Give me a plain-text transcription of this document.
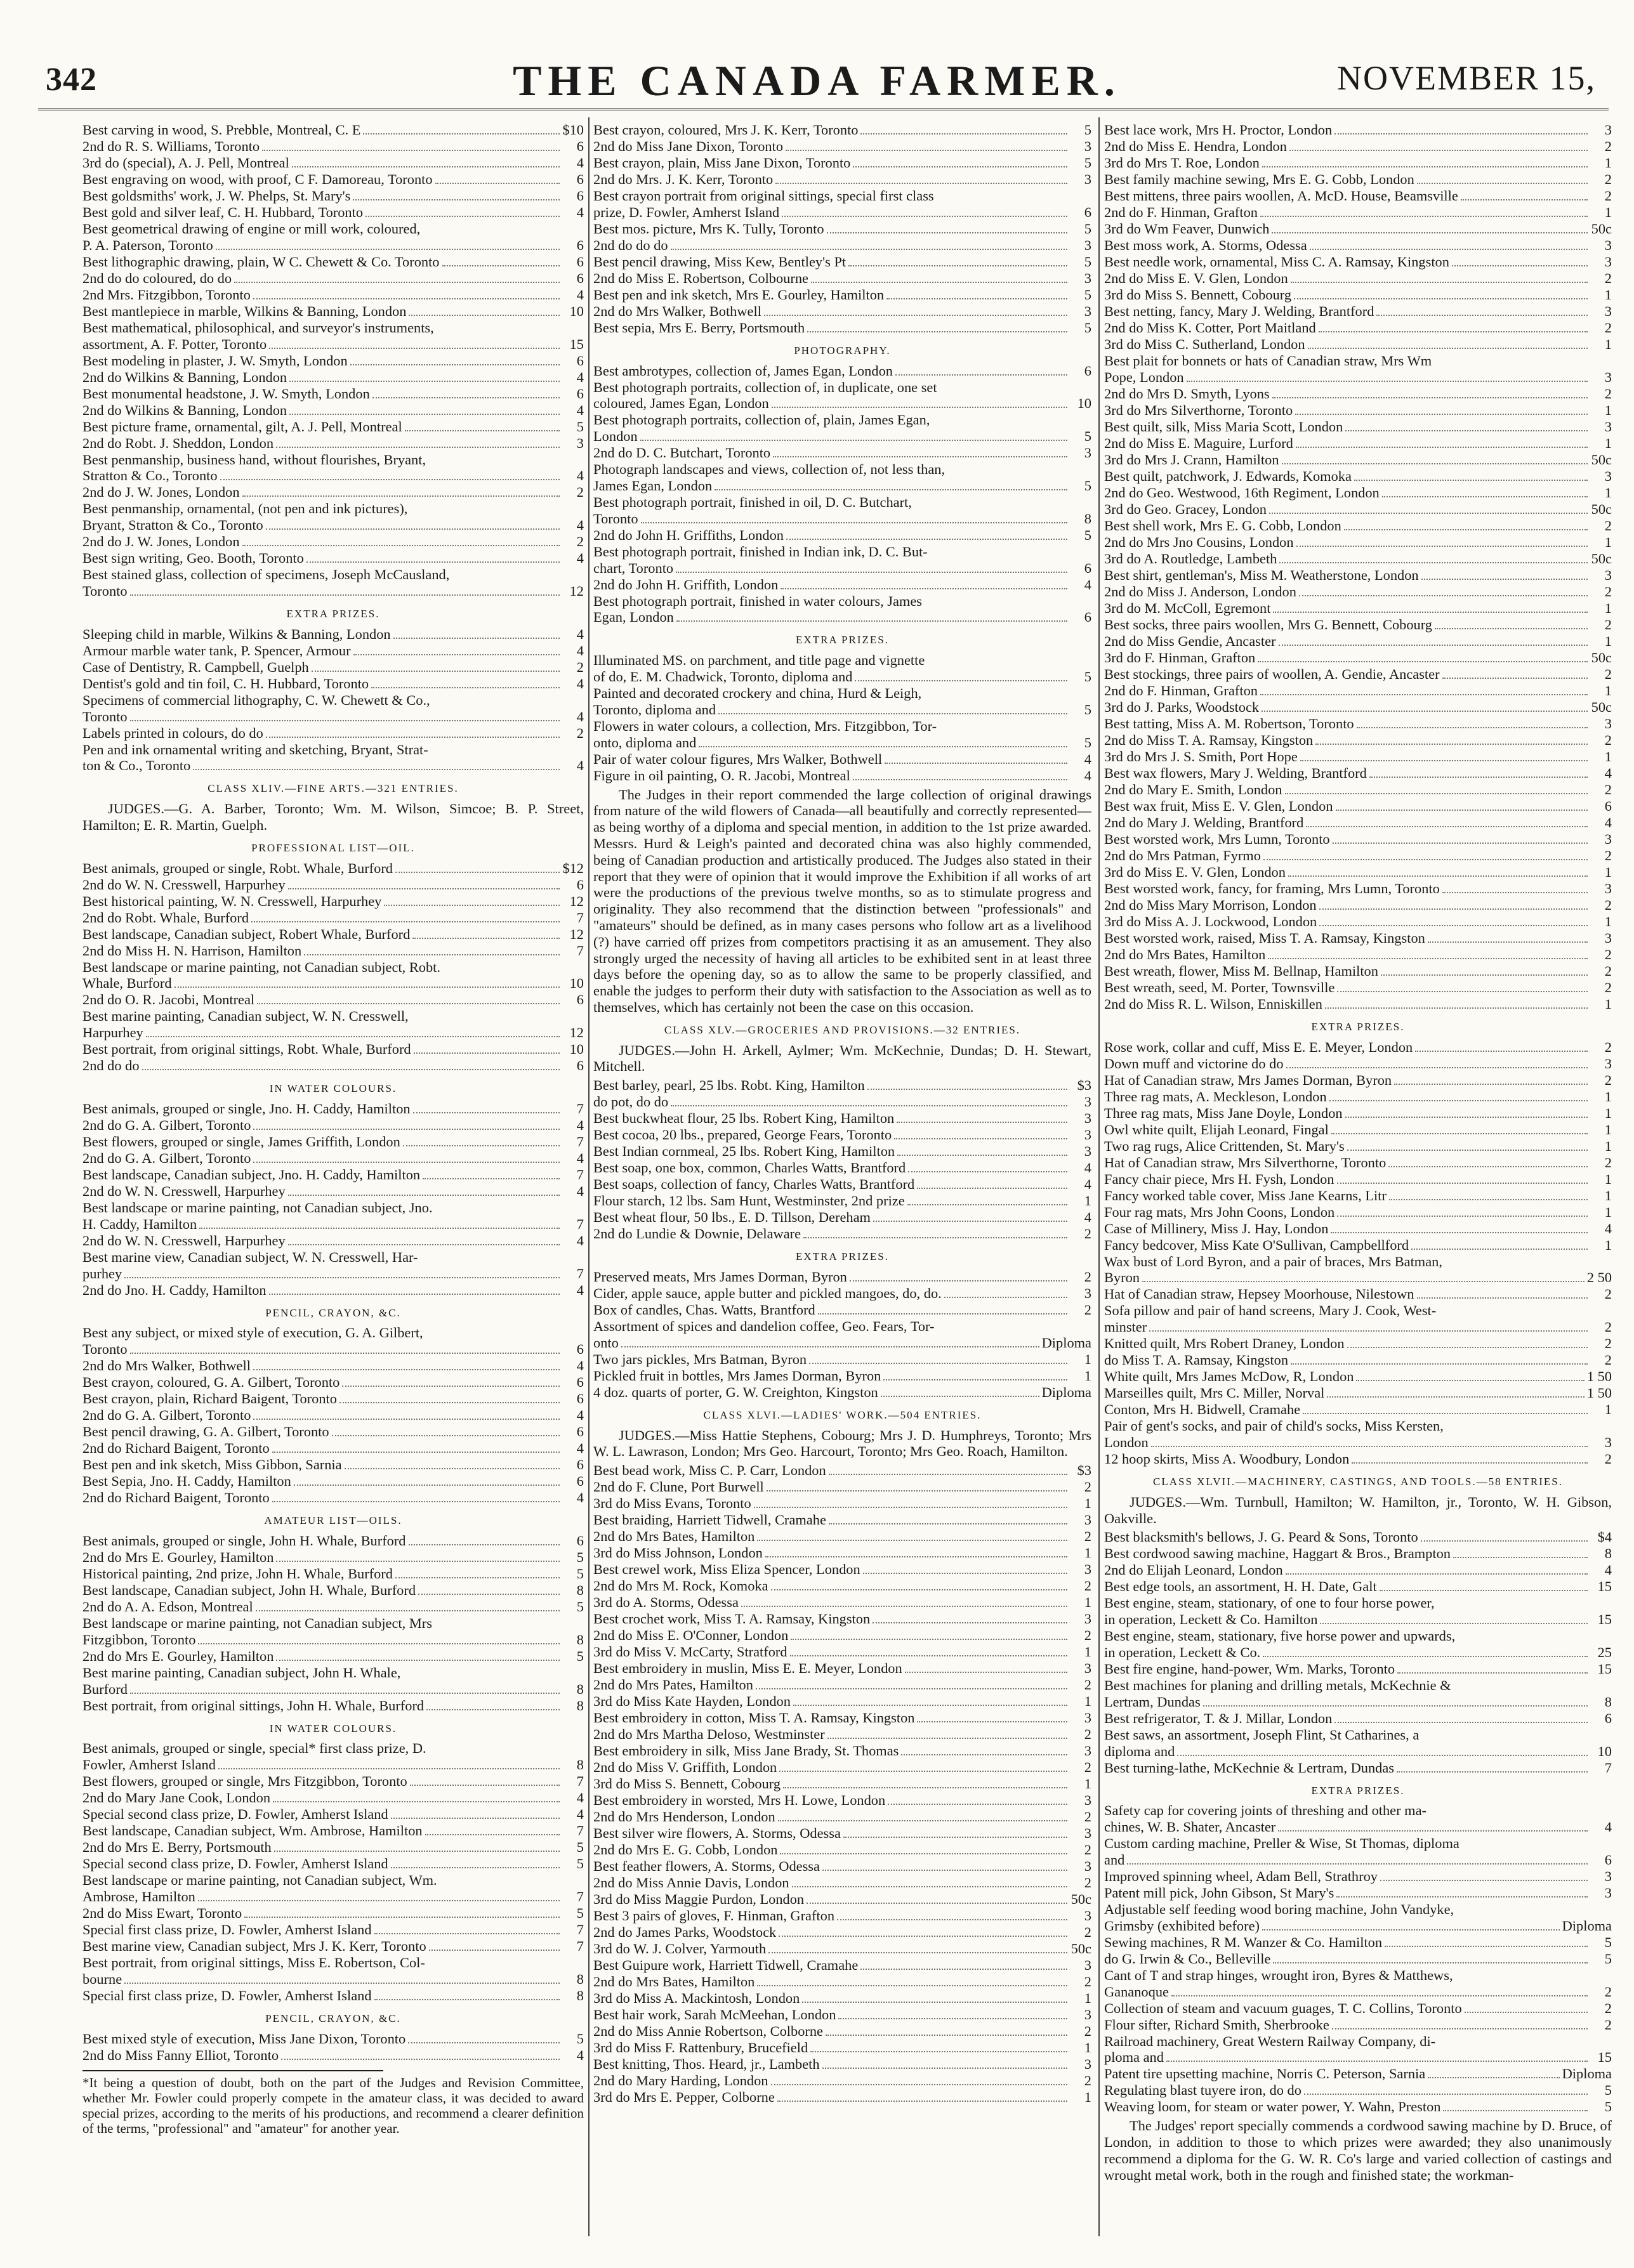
342	THE CANADA FARMER.	NOVEMBER 15,
Best carving in wood, S. Prebble, Montreal, C. E	$10
2nd do R. S. Williams, Toronto	6
3rd do (special), A. J. Pell, Montreal	4
Best engraving on wood, with proof, C F. Damoreau, Toronto	6
Best goldsmiths' work, J. W. Phelps, St. Mary's	6
Best gold and silver leaf, C. H. Hubbard, Toronto	4
Best geometrical drawing of engine or mill work, coloured,
P. A. Paterson, Toronto	6
Best lithographic drawing, plain, W C. Chewett & Co. Toronto	6
2nd do do coloured, do do	6
2nd Mrs. Fitzgibbon, Toronto	4
Best mantlepiece in marble, Wilkins & Banning, London	10
Best mathematical, philosophical, and surveyor's instruments,
assortment, A. F. Potter, Toronto	15
Best modeling in plaster, J. W. Smyth, London	6
2nd do Wilkins & Banning, London	4
Best monumental headstone, J. W. Smyth, London	6
2nd do Wilkins & Banning, London	4
Best picture frame, ornamental, gilt, A. J. Pell, Montreal	5
2nd do Robt. J. Sheddon, London	3
Best penmanship, business hand, without flourishes, Bryant,
Stratton & Co., Toronto	4
2nd do J. W. Jones, London	2
Best penmanship, ornamental, (not pen and ink pictures),
Bryant, Stratton & Co., Toronto	4
2nd do J. W. Jones, London	2
Best sign writing, Geo. Booth, Toronto	4
Best stained glass, collection of specimens, Joseph McCausland,
Toronto	12
EXTRA PRIZES.
Sleeping child in marble, Wilkins & Banning, London	4
Armour marble water tank, P. Spencer, Armour	4
Case of Dentistry, R. Campbell, Guelph	2
Dentist's gold and tin foil, C. H. Hubbard, Toronto	4
Specimens of commercial lithography, C. W. Chewett & Co.,
Toronto	4
Labels printed in colours, do do	2
Pen and ink ornamental writing and sketching, Bryant, Strat-
ton & Co., Toronto	4
CLASS XLIV.—FINE ARTS.—321 ENTRIES.
JUDGES.—G. A. Barber, Toronto; Wm. M. Wilson, Simcoe; B. P. Street, Hamilton; E. R. Martin, Guelph.
PROFESSIONAL LIST—OIL.
Best animals, grouped or single, Robt. Whale, Burford	$12
2nd do W. N. Cresswell, Harpurhey	6
Best historical painting, W. N. Cresswell, Harpurhey	12
2nd do Robt. Whale, Burford	7
Best landscape, Canadian subject, Robert Whale, Burford	12
2nd do Miss H. N. Harrison, Hamilton	7
Best landscape or marine painting, not Canadian subject, Robt.
Whale, Burford	10
2nd do O. R. Jacobi, Montreal	6
Best marine painting, Canadian subject, W. N. Cresswell,
Harpurhey	12
Best portrait, from original sittings, Robt. Whale, Burford	10
2nd do do	6
IN WATER COLOURS.
Best animals, grouped or single, Jno. H. Caddy, Hamilton	7
2nd do G. A. Gilbert, Toronto	4
Best flowers, grouped or single, James Griffith, London	7
2nd do G. A. Gilbert, Toronto	4
Best landscape, Canadian subject, Jno. H. Caddy, Hamilton	7
2nd do W. N. Cresswell, Harpurhey	4
Best landscape or marine painting, not Canadian subject, Jno.
H. Caddy, Hamilton	7
2nd do W. N. Cresswell, Harpurhey	4
Best marine view, Canadian subject, W. N. Cresswell, Har-
purhey	7
2nd do Jno. H. Caddy, Hamilton	4
PENCIL, CRAYON, &C.
Best any subject, or mixed style of execution, G. A. Gilbert,
Toronto	6
2nd do Mrs Walker, Bothwell	4
Best crayon, coloured, G. A. Gilbert, Toronto	6
Best crayon, plain, Richard Baigent, Toronto	6
2nd do G. A. Gilbert, Toronto	4
Best pencil drawing, G. A. Gilbert, Toronto	6
2nd do Richard Baigent, Toronto	4
Best pen and ink sketch, Miss Gibbon, Sarnia	6
Best Sepia, Jno. H. Caddy, Hamilton	6
2nd do Richard Baigent, Toronto	4
AMATEUR LIST—OILS.
Best animals, grouped or single, John H. Whale, Burford	6
2nd do Mrs E. Gourley, Hamilton	5
Historical painting, 2nd prize, John H. Whale, Burford	5
Best landscape, Canadian subject, John H. Whale, Burford	8
2nd do A. A. Edson, Montreal	5
Best landscape or marine painting, not Canadian subject, Mrs
Fitzgibbon, Toronto	8
2nd do Mrs E. Gourley, Hamilton	5
Best marine painting, Canadian subject, John H. Whale,
Burford	8
Best portrait, from original sittings, John H. Whale, Burford	8
IN WATER COLOURS.
Best animals, grouped or single, special* first class prize, D.
Fowler, Amherst Island	8
Best flowers, grouped or single, Mrs Fitzgibbon, Toronto	7
2nd do Mary Jane Cook, London	4
Special second class prize, D. Fowler, Amherst Island	4
Best landscape, Canadian subject, Wm. Ambrose, Hamilton	7
2nd do Mrs E. Berry, Portsmouth	5
Special second class prize, D. Fowler, Amherst Island	5
Best landscape or marine painting, not Canadian subject, Wm.
Ambrose, Hamilton	7
2nd do Miss Ewart, Toronto	5
Special first class prize, D. Fowler, Amherst Island	7
Best marine view, Canadian subject, Mrs J. K. Kerr, Toronto	7
Best portrait, from original sittings, Miss E. Robertson, Col-
bourne	8
Special first class prize, D. Fowler, Amherst Island	8
PENCIL, CRAYON, &C.
Best mixed style of execution, Miss Jane Dixon, Toronto	5
2nd do Miss Fanny Elliot, Toronto	4
*It being a question of doubt, both on the part of the Judges and Revision Committee, whether Mr. Fowler could properly compete in the amateur class, it was decided to award special prizes, according to the merits of his productions, and recommend a clearer definition of the terms, "professional" and "amateur" for another year.
Best crayon, coloured, Mrs J. K. Kerr, Toronto	5
2nd do Miss Jane Dixon, Toronto	3
Best crayon, plain, Miss Jane Dixon, Toronto	5
2nd do Mrs. J. K. Kerr, Toronto	3
Best crayon portrait from original sittings, special first class
prize, D. Fowler, Amherst Island	6
Best mos. picture, Mrs K. Tully, Toronto	5
2nd do do do	3
Best pencil drawing, Miss Kew, Bentley's Pt	5
2nd do Miss E. Robertson, Colbourne	3
Best pen and ink sketch, Mrs E. Gourley, Hamilton	5
2nd do Mrs Walker, Bothwell	3
Best sepia, Mrs E. Berry, Portsmouth	5
PHOTOGRAPHY.
Best ambrotypes, collection of, James Egan, London	6
Best photograph portraits, collection of, in duplicate, one set
coloured, James Egan, London	10
Best photograph portraits, collection of, plain, James Egan,
London	5
2nd do D. C. Butchart, Toronto	3
Photograph landscapes and views, collection of, not less than,
James Egan, London	5
Best photograph portrait, finished in oil, D. C. Butchart,
Toronto	8
2nd do John H. Griffiths, London	5
Best photograph portrait, finished in Indian ink, D. C. But-
chart, Toronto	6
2nd do John H. Griffith, London	4
Best photograph portrait, finished in water colours, James
Egan, London	6
EXTRA PRIZES.
Illuminated MS. on parchment, and title page and vignette
of do, E. M. Chadwick, Toronto, diploma and	5
Painted and decorated crockery and china, Hurd & Leigh,
Toronto, diploma and	5
Flowers in water colours, a collection, Mrs. Fitzgibbon, Tor-
onto, diploma and	5
Pair of water colour figures, Mrs Walker, Bothwell	4
Figure in oil painting, O. R. Jacobi, Montreal	4
The Judges in their report commended the large collection of original drawings from nature of the wild flowers of Canada—all beautifully and correctly represented—as being worthy of a diploma and special mention, in addition to the 1st prize awarded. Messrs. Hurd & Leigh's painted and decorated china was also highly commended, being of Canadian production and artistically produced. The Judges also stated in their report that they were of opinion that it would improve the Exhibition if all works of art were the productions of the previous twelve months, so as to stimulate progress and originality. They also recommend that the distinction between "professionals" and "amateurs" should be defined, as in many cases persons who follow art as a livelihood (?) have carried off prizes from competitors practising it as an amusement. They also strongly urged the necessity of having all articles to be exhibited sent in at least three days before the opening day, so as to allow the same to be properly classified, and enable the judges to perform their duty with satisfaction to the Association as well as to themselves, which has certainly not been the case on this occasion.
CLASS XLV.—GROCERIES AND PROVISIONS.—32 ENTRIES.
JUDGES.—John H. Arkell, Aylmer; Wm. McKechnie, Dundas; D. H. Stewart, Mitchell.
Best barley, pearl, 25 lbs. Robt. King, Hamilton	$3
do pot, do do	3
Best buckwheat flour, 25 lbs. Robert King, Hamilton	3
Best cocoa, 20 lbs., prepared, George Fears, Toronto	3
Best Indian cornmeal, 25 lbs. Robert King, Hamilton	3
Best soap, one box, common, Charles Watts, Brantford	4
Best soaps, collection of fancy, Charles Watts, Brantford	4
Flour starch, 12 lbs. Sam Hunt, Westminster, 2nd prize	1
Best wheat flour, 50 lbs., E. D. Tillson, Dereham	4
2nd do Lundie & Downie, Delaware	2
EXTRA PRIZES.
Preserved meats, Mrs James Dorman, Byron	2
Cider, apple sauce, apple butter and pickled mangoes, do, do.	3
Box of candles, Chas. Watts, Brantford	2
Assortment of spices and dandelion coffee, Geo. Fears, Tor-
onto	Diploma
Two jars pickles, Mrs Batman, Byron	1
Pickled fruit in bottles, Mrs James Dorman, Byron	1
4 doz. quarts of porter, G. W. Creighton, Kingston	Diploma
CLASS XLVI.—LADIES' WORK.—504 ENTRIES.
JUDGES.—Miss Hattie Stephens, Cobourg; Mrs J. D. Humphreys, Toronto; Mrs W. L. Lawrason, London; Mrs Geo. Harcourt, Toronto; Mrs Geo. Roach, Hamilton.
Best bead work, Miss C. P. Carr, London	$3
2nd do F. Clune, Port Burwell	2
3rd do Miss Evans, Toronto	1
Best braiding, Harriett Tidwell, Cramahe	3
2nd do Mrs Bates, Hamilton	2
3rd do Miss Johnson, London	1
Best crewel work, Miss Eliza Spencer, London	3
2nd do Mrs M. Rock, Komoka	2
3rd do A. Storms, Odessa	1
Best crochet work, Miss T. A. Ramsay, Kingston	3
2nd do Miss E. O'Conner, London	2
3rd do Miss V. McCarty, Stratford	1
Best embroidery in muslin, Miss E. E. Meyer, London	3
2nd do Mrs Pates, Hamilton	2
3rd do Miss Kate Hayden, London	1
Best embroidery in cotton, Miss T. A. Ramsay, Kingston	3
2nd do Mrs Martha Deloso, Westminster	2
Best embroidery in silk, Miss Jane Brady, St. Thomas	3
2nd do Miss V. Griffith, London	2
3rd do Miss S. Bennett, Cobourg	1
Best embroidery in worsted, Mrs H. Lowe, London	3
2nd do Mrs Henderson, London	2
Best silver wire flowers, A. Storms, Odessa	3
2nd do Mrs E. G. Cobb, London	2
Best feather flowers, A. Storms, Odessa	3
2nd do Miss Annie Davis, London	2
3rd do Miss Maggie Purdon, London	50c
Best 3 pairs of gloves, F. Hinman, Grafton	3
2nd do James Parks, Woodstock	2
3rd do W. J. Colver, Yarmouth	50c
Best Guipure work, Harriett Tidwell, Cramahe	3
2nd do Mrs Bates, Hamilton	2
3rd do Miss A. Mackintosh, London	1
Best hair work, Sarah McMeehan, London	3
2nd do Miss Annie Robertson, Colborne	2
3rd do Miss F. Rattenbury, Brucefield	1
Best knitting, Thos. Heard, jr., Lambeth	3
2nd do Mary Harding, London	2
3rd do Mrs E. Pepper, Colborne	1
Best lace work, Mrs H. Proctor, London	3
2nd do Miss E. Hendra, London	2
3rd do Mrs T. Roe, London	1
Best family machine sewing, Mrs E. G. Cobb, London	2
Best mittens, three pairs woollen, A. McD. House, Beamsville	2
2nd do F. Hinman, Grafton	1
3rd do Wm Feaver, Dunwich	50c
Best moss work, A. Storms, Odessa	3
Best needle work, ornamental, Miss C. A. Ramsay, Kingston	3
2nd do Miss E. V. Glen, London	2
3rd do Miss S. Bennett, Cobourg	1
Best netting, fancy, Mary J. Welding, Brantford	3
2nd do Miss K. Cotter, Port Maitland	2
3rd do Miss C. Sutherland, London	1
Best plait for bonnets or hats of Canadian straw, Mrs Wm
Pope, London	3
2nd do Mrs D. Smyth, Lyons	2
3rd do Mrs Silverthorne, Toronto	1
Best quilt, silk, Miss Maria Scott, London	3
2nd do Miss E. Maguire, Lurford	1
3rd do Mrs J. Crann, Hamilton	50c
Best quilt, patchwork, J. Edwards, Komoka	3
2nd do Geo. Westwood, 16th Regiment, London	1
3rd do Geo. Gracey, London	50c
Best shell work, Mrs E. G. Cobb, London	2
2nd do Mrs Jno Cousins, London	1
3rd do A. Routledge, Lambeth	50c
Best shirt, gentleman's, Miss M. Weatherstone, London	3
2nd do Miss J. Anderson, London	2
3rd do M. McColl, Egremont	1
Best socks, three pairs woollen, Mrs G. Bennett, Cobourg	2
2nd do Miss Gendie, Ancaster	1
3rd do F. Hinman, Grafton	50c
Best stockings, three pairs of woollen, A. Gendie, Ancaster	2
2nd do F. Hinman, Grafton	1
3rd do J. Parks, Woodstock	50c
Best tatting, Miss A. M. Robertson, Toronto	3
2nd do Miss T. A. Ramsay, Kingston	2
3rd do Mrs J. S. Smith, Port Hope	1
Best wax flowers, Mary J. Welding, Brantford	4
2nd do Mary E. Smith, London	2
Best wax fruit, Miss E. V. Glen, London	6
2nd do Mary J. Welding, Brantford	4
Best worsted work, Mrs Lumn, Toronto	3
2nd do Mrs Patman, Fyrmo	2
3rd do Miss E. V. Glen, London	1
Best worsted work, fancy, for framing, Mrs Lumn, Toronto	3
2nd do Miss Mary Morrison, London	2
3rd do Miss A. J. Lockwood, London	1
Best worsted work, raised, Miss T. A. Ramsay, Kingston	3
2nd do Mrs Bates, Hamilton	2
Best wreath, flower, Miss M. Bellnap, Hamilton	2
Best wreath, seed, M. Porter, Townsville	2
2nd do Miss R. L. Wilson, Enniskillen	1
EXTRA PRIZES.
Rose work, collar and cuff, Miss E. E. Meyer, London	2
Down muff and victorine do do	3
Hat of Canadian straw, Mrs James Dorman, Byron	2
Three rag mats, A. Meckleson, London	1
Three rag mats, Miss Jane Doyle, London	1
Owl white quilt, Elijah Leonard, Fingal	1
Two rag rugs, Alice Crittenden, St. Mary's	1
Hat of Canadian straw, Mrs Silverthorne, Toronto	2
Fancy chair piece, Mrs H. Fysh, London	1
Fancy worked table cover, Miss Jane Kearns, Litr	1
Four rag mats, Mrs John Coons, London	1
Case of Millinery, Miss J. Hay, London	4
Fancy bedcover, Miss Kate O'Sullivan, Campbellford	1
Wax bust of Lord Byron, and a pair of braces, Mrs Batman,
Byron	2 50
Hat of Canadian straw, Hepsey Moorhouse, Nilestown	2
Sofa pillow and pair of hand screens, Mary J. Cook, West-
minster	2
Knitted quilt, Mrs Robert Draney, London	2
do Miss T. A. Ramsay, Kingston	2
White quilt, Mrs James McDow, R, London	1 50
Marseilles quilt, Mrs C. Miller, Norval	1 50
Conton, Mrs H. Bidwell, Cramahe	1
Pair of gent's socks, and pair of child's socks, Miss Kersten,
London	3
12 hoop skirts, Miss A. Woodbury, London	2
CLASS XLVII.—MACHINERY, CASTINGS, AND TOOLS.—58 ENTRIES.
JUDGES.—Wm. Turnbull, Hamilton; W. Hamilton, jr., Toronto, W. H. Gibson, Oakville.
Best blacksmith's bellows, J. G. Peard & Sons, Toronto	$4
Best cordwood sawing machine, Haggart & Bros., Brampton	8
2nd do Elijah Leonard, London	4
Best edge tools, an assortment, H. H. Date, Galt	15
Best engine, steam, stationary, of one to four horse power,
in operation, Leckett & Co. Hamilton	15
Best engine, steam, stationary, five horse power and upwards,
in operation, Leckett & Co.	25
Best fire engine, hand-power, Wm. Marks, Toronto	15
Best machines for planing and drilling metals, McKechnie &
Lertram, Dundas	8
Best refrigerator, T. & J. Millar, London	6
Best saws, an assortment, Joseph Flint, St Catharines, a
diploma and	10
Best turning-lathe, McKechnie & Lertram, Dundas	7
EXTRA PRIZES.
Safety cap for covering joints of threshing and other ma-
chines, W. B. Shater, Ancaster	4
Custom carding machine, Preller & Wise, St Thomas, diploma
and	6
Improved spinning wheel, Adam Bell, Strathroy	3
Patent mill pick, John Gibson, St Mary's	3
Adjustable self feeding wood boring machine, John Vandyke,
Grimsby (exhibited before)	Diploma
Sewing machines, R M. Wanzer & Co. Hamilton	5
do G. Irwin & Co., Belleville	5
Cant of T and strap hinges, wrought iron, Byres & Matthews,
Gananoque	2
Collection of steam and vacuum guages, T. C. Collins, Toronto	2
Flour sifter, Richard Smith, Sherbrooke	2
Railroad machinery, Great Western Railway Company, di-
ploma and	15
Patent tire upsetting machine, Norris C. Peterson, Sarnia	Diploma
Regulating blast tuyere iron, do do	5
Weaving loom, for steam or water power, Y. Wahn, Preston	5
The Judges' report specially commends a cordwood sawing machine by D. Bruce, of London, in addition to those to which prizes were awarded; they also unanimously recommend a diploma for the G. W. R. Co's large and varied collection of castings and wrought metal work, both in the rough and finished state; the workman-
